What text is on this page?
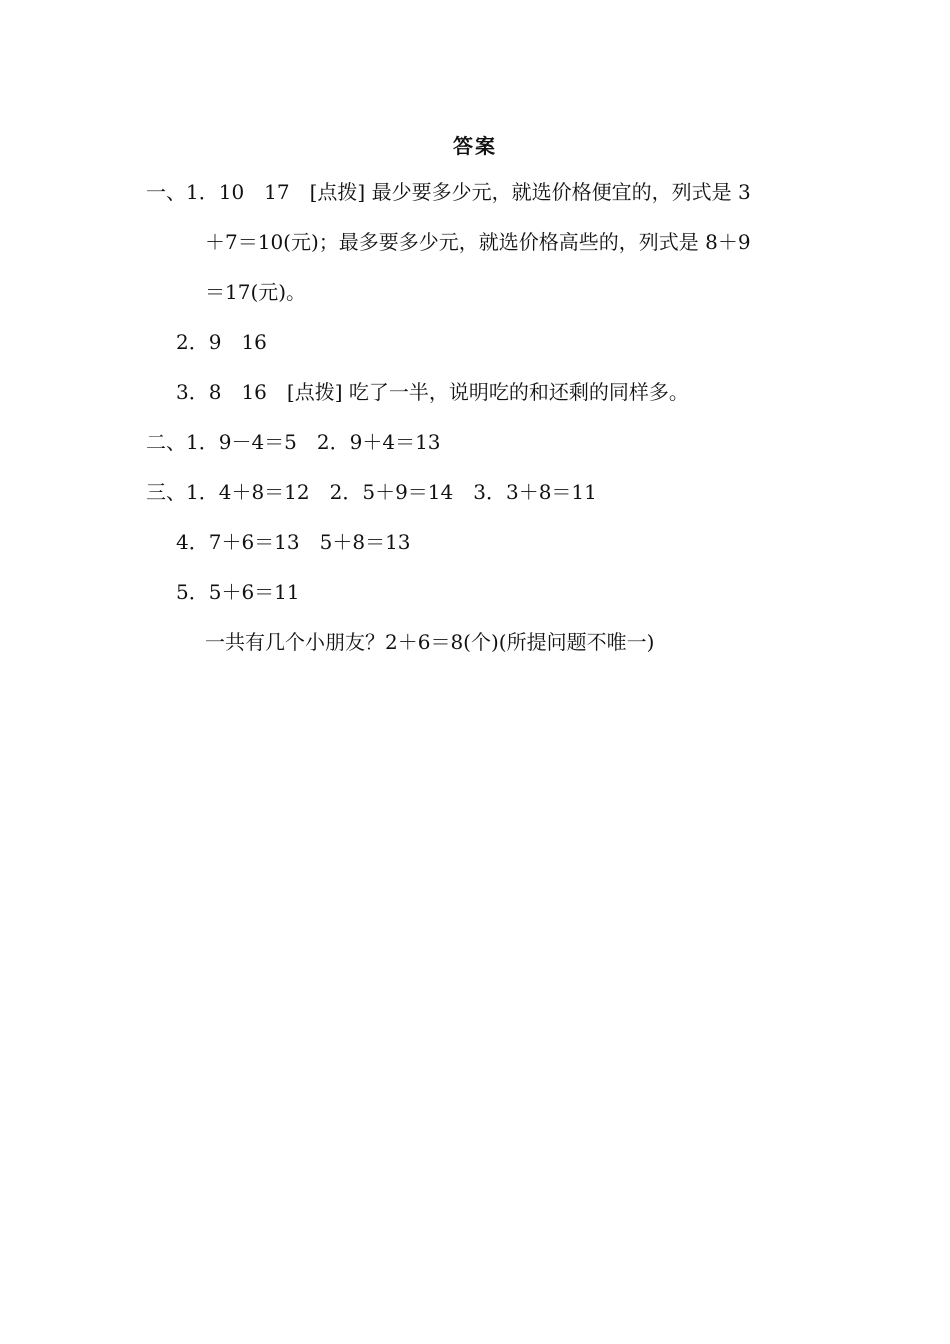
答案
一、1．10　17　[点拨] 最少要多少元，就选价格便宜的，列式是 3
＋7＝10(元)；最多要多少元，就选价格高些的，列式是 8＋9
＝17(元)。
2．9　16
3．8　16　[点拨] 吃了一半，说明吃的和还剩的同样多。
二、1．9－4＝5　2．9＋4＝13
三、1．4＋8＝12　2．5＋9＝14　3．3＋8＝11
4．7＋6＝13　5＋8＝13
5．5＋6＝11
一共有几个小朋友？2＋6＝8(个)(所提问题不唯一)
